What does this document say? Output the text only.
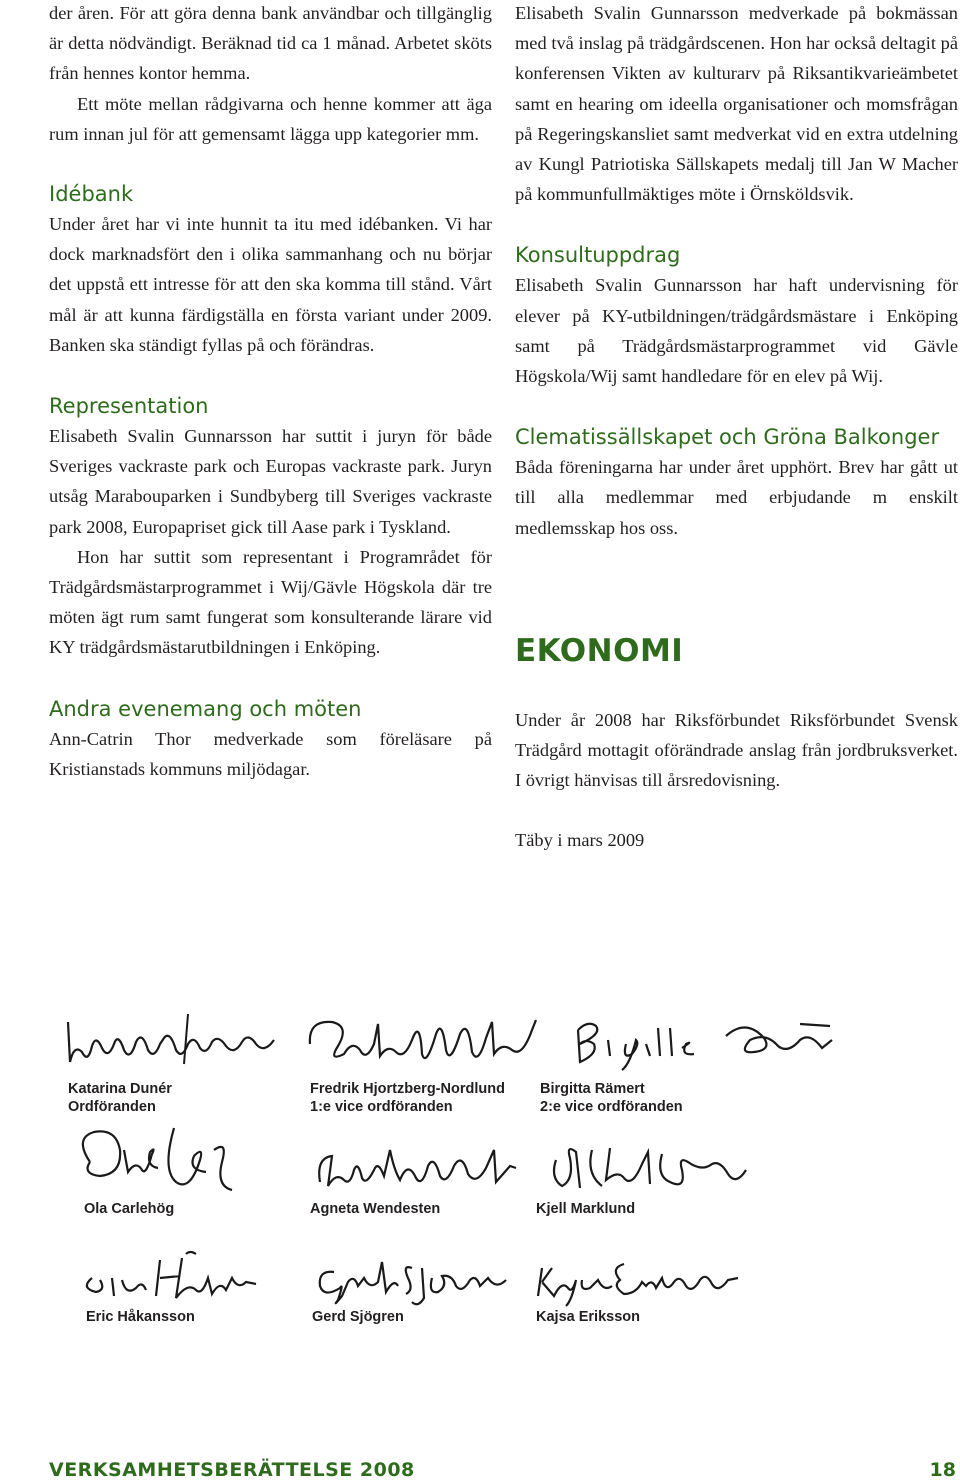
der åren. För att göra denna bank användbar och tillgänglig är detta nödvändigt. Beräknad tid ca 1 månad. Arbetet sköts från hennes kontor hemma.

Ett möte mellan rådgivarna och henne kommer att äga rum innan jul för att gemensamt lägga upp kategorier mm.

Idébank

Under året har vi inte hunnit ta itu med idébanken. Vi har dock marknadsfört den i olika sammanhang och nu börjar det uppstå ett intresse för att den ska komma till stånd. Vårt mål är att kunna färdigställa en första variant under 2009. Banken ska ständigt fyllas på och förändras.

Representation

Elisabeth Svalin Gunnarsson har suttit i juryn för både Sveriges vackraste park och Europas vackraste park. Juryn utsåg Marabouparken i Sundbyberg till Sveriges vackraste park 2008, Europapriset gick till Aase park i Tyskland.

Hon har suttit som representant i Programrådet för Trädgårdsmästarprogrammet i Wij/Gävle Högskola där tre möten ägt rum samt fungerat som konsulterande lärare vid KY trädgårdsmästarutbildningen i Enköping.

Andra evenemang och möten

Ann-Catrin Thor medverkade som föreläsare på Kristianstads kommuns miljödagar.

Elisabeth Svalin Gunnarsson medverkade på bokmässan med två inslag på trädgårdscenen. Hon har också deltagit på konferensen Vikten av kulturarv på Riksantikvarieämbetet samt en hearing om ideella organisationer och momsfrågan på Regeringskansliet samt medverkat vid en extra utdelning av Kungl Patriotiska Sällskapets medalj till Jan W Macher på kommunfullmäktiges möte i Örnsköldsvik.

Konsultuppdrag

Elisabeth Svalin Gunnarsson har haft undervisning för elever på KY-utbildningen/trädgårdsmästare i Enköping samt på Trädgårdsmästarprogrammet vid Gävle Högskola/Wij samt handledare för en elev på Wij.

Clematissällskapet och Gröna Balkonger

Båda föreningarna har under året upphört. Brev har gått ut till alla medlemmar med erbjudande m enskilt medlemsskap hos oss.

EKONOMI

Under år 2008 har Riksförbundet Riksförbundet Svensk Trädgård mottagit oförändrade anslag från jordbruksverket. I övrigt hänvisas till årsredovisning.

Täby i mars 2009

Katarina Dunér
Ordföranden
Fredrik Hjortzberg-Nordlund
1:e vice ordföranden
Birgitta Rämert
2:e vice ordföranden
Ola Carlehög	Agneta Wendesten	Kjell Marklund
Eric Håkansson	Gerd Sjögren	Kajsa Eriksson
VERKSAMHETSBERÄTTELSE 2008	18
